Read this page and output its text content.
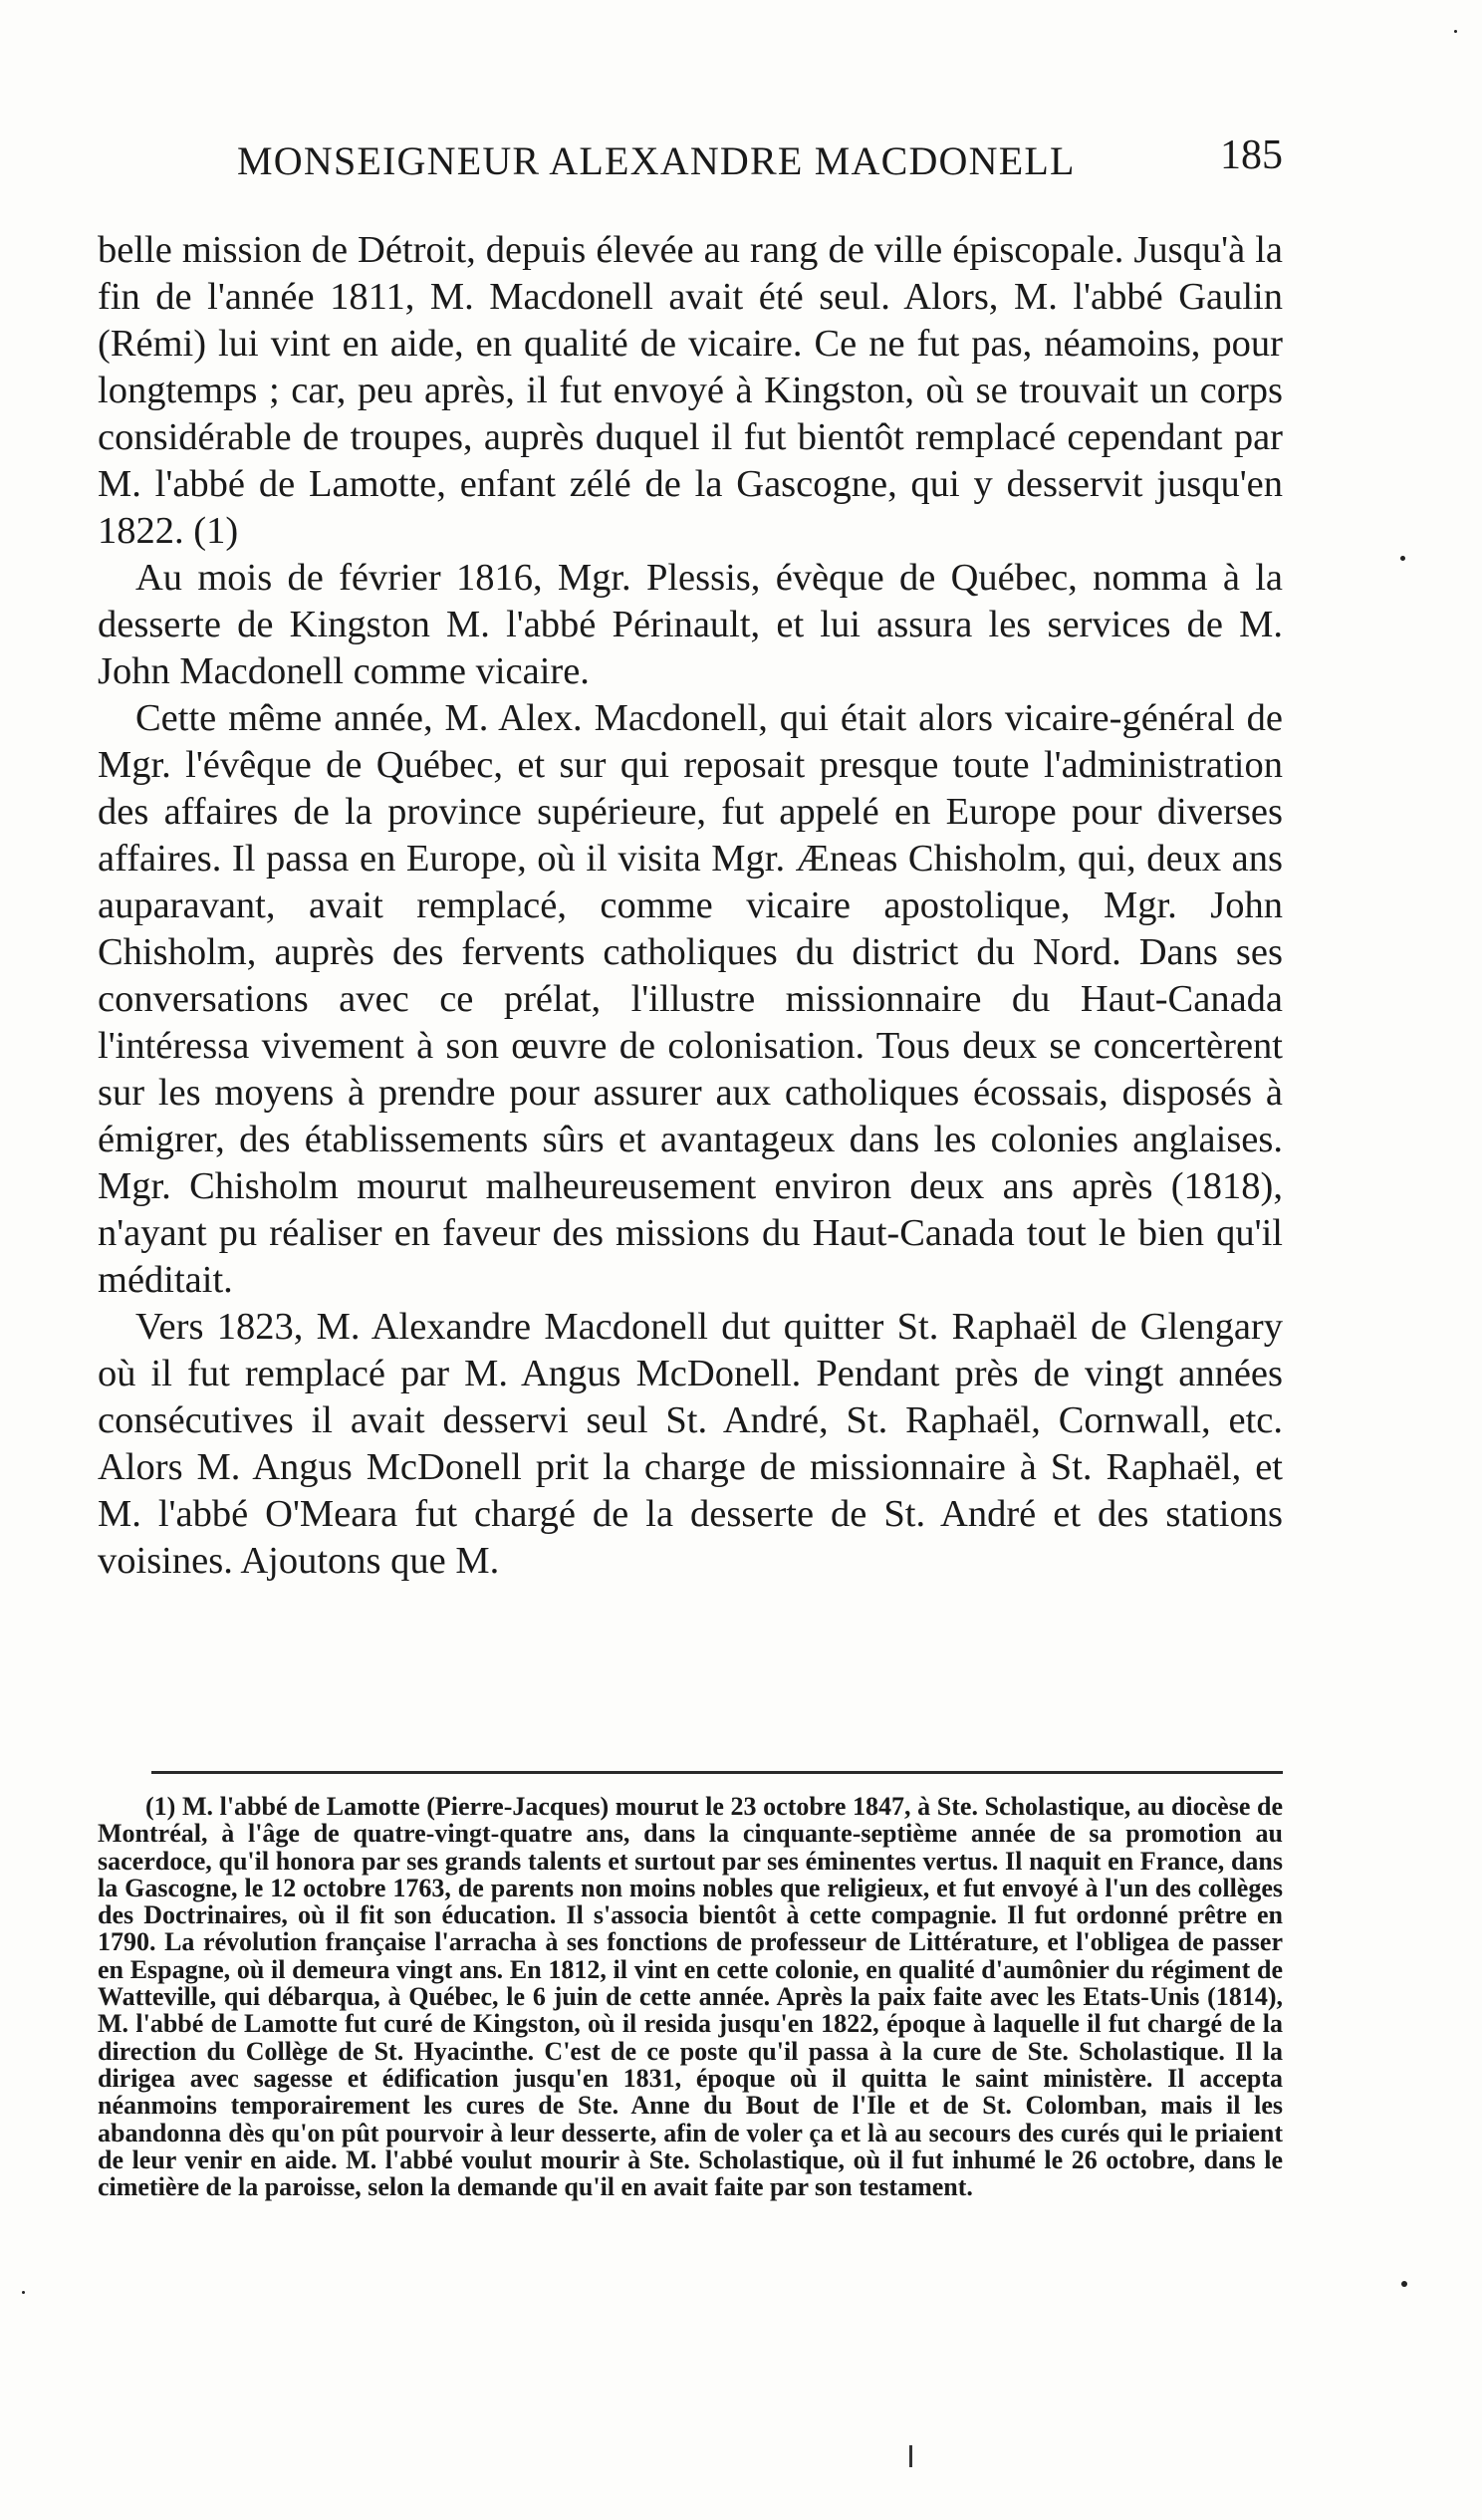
MONSEIGNEUR ALEXANDRE MACDONELL	185

belle mission de Détroit, depuis élevée au rang de ville épiscopale. Jusqu'à la fin de l'année 1811, M. Macdonell avait été seul. Alors, M. l'abbé Gaulin (Rémi) lui vint en aide, en qualité de vicaire. Ce ne fut pas, néamoins, pour longtemps ; car, peu après, il fut envoyé à Kingston, où se trouvait un corps considérable de troupes, auprès duquel il fut bientôt remplacé cependant par M. l'abbé de Lamotte, enfant zélé de la Gascogne, qui y desservit jusqu'en 1822. (1)

Au mois de février 1816, Mgr. Plessis, évèque de Québec, nomma à la desserte de Kingston M. l'abbé Périnault, et lui assura les services de M. John Macdonell comme vicaire.

Cette même année, M. Alex. Macdonell, qui était alors vicaire-général de Mgr. l'évêque de Québec, et sur qui reposait presque toute l'administration des affaires de la province supérieure, fut appelé en Europe pour diverses affaires. Il passa en Europe, où il visita Mgr. Æneas Chisholm, qui, deux ans auparavant, avait remplacé, comme vicaire apostolique, Mgr. John Chisholm, auprès des fervents catholiques du district du Nord. Dans ses conversations avec ce prélat, l'illustre missionnaire du Haut-Canada l'intéressa vivement à son œuvre de colonisation. Tous deux se concertèrent sur les moyens à prendre pour assurer aux catholiques écossais, disposés à émigrer, des établissements sûrs et avantageux dans les colonies anglaises. Mgr. Chisholm mourut malheureusement environ deux ans après (1818), n'ayant pu réaliser en faveur des missions du Haut-Canada tout le bien qu'il méditait.

Vers 1823, M. Alexandre Macdonell dut quitter St. Raphaël de Glengary où il fut remplacé par M. Angus McDonell. Pendant près de vingt années consécutives il avait desservi seul St. André, St. Raphaël, Cornwall, etc. Alors M. Angus McDonell prit la charge de missionnaire à St. Raphaël, et M. l'abbé O'Meara fut chargé de la desserte de St. André et des stations voisines. Ajoutons que M.

(1) M. l'abbé de Lamotte (Pierre-Jacques) mourut le 23 octobre 1847, à Ste. Scholastique, au diocèse de Montréal, à l'âge de quatre-vingt-quatre ans, dans la cinquante-septième année de sa promotion au sacerdoce, qu'il honora par ses grands talents et surtout par ses éminentes vertus. Il naquit en France, dans la Gascogne, le 12 octobre 1763, de parents non moins nobles que religieux, et fut envoyé à l'un des collèges des Doctrinaires, où il fit son éducation. Il s'associa bientôt à cette compagnie. Il fut ordonné prêtre en 1790. La révolution française l'arracha à ses fonctions de professeur de Littérature, et l'obligea de passer en Espagne, où il demeura vingt ans. En 1812, il vint en cette colonie, en qualité d'aumônier du régiment de Watteville, qui débarqua, à Québec, le 6 juin de cette année. Après la paix faite avec les Etats-Unis (1814), M. l'abbé de Lamotte fut curé de Kingston, où il resida jusqu'en 1822, époque à laquelle il fut chargé de la direction du Collège de St. Hyacinthe. C'est de ce poste qu'il passa à la cure de Ste. Scholastique. Il la dirigea avec sagesse et édification jusqu'en 1831, époque où il quitta le saint ministère. Il accepta néanmoins temporairement les cures de Ste. Anne du Bout de l'Ile et de St. Colomban, mais il les abandonna dès qu'on pût pourvoir à leur desserte, afin de voler ça et là au secours des curés qui le priaient de leur venir en aide. M. l'abbé voulut mourir à Ste. Scholastique, où il fut inhumé le 26 octobre, dans le cimetière de la paroisse, selon la demande qu'il en avait faite par son testament.
